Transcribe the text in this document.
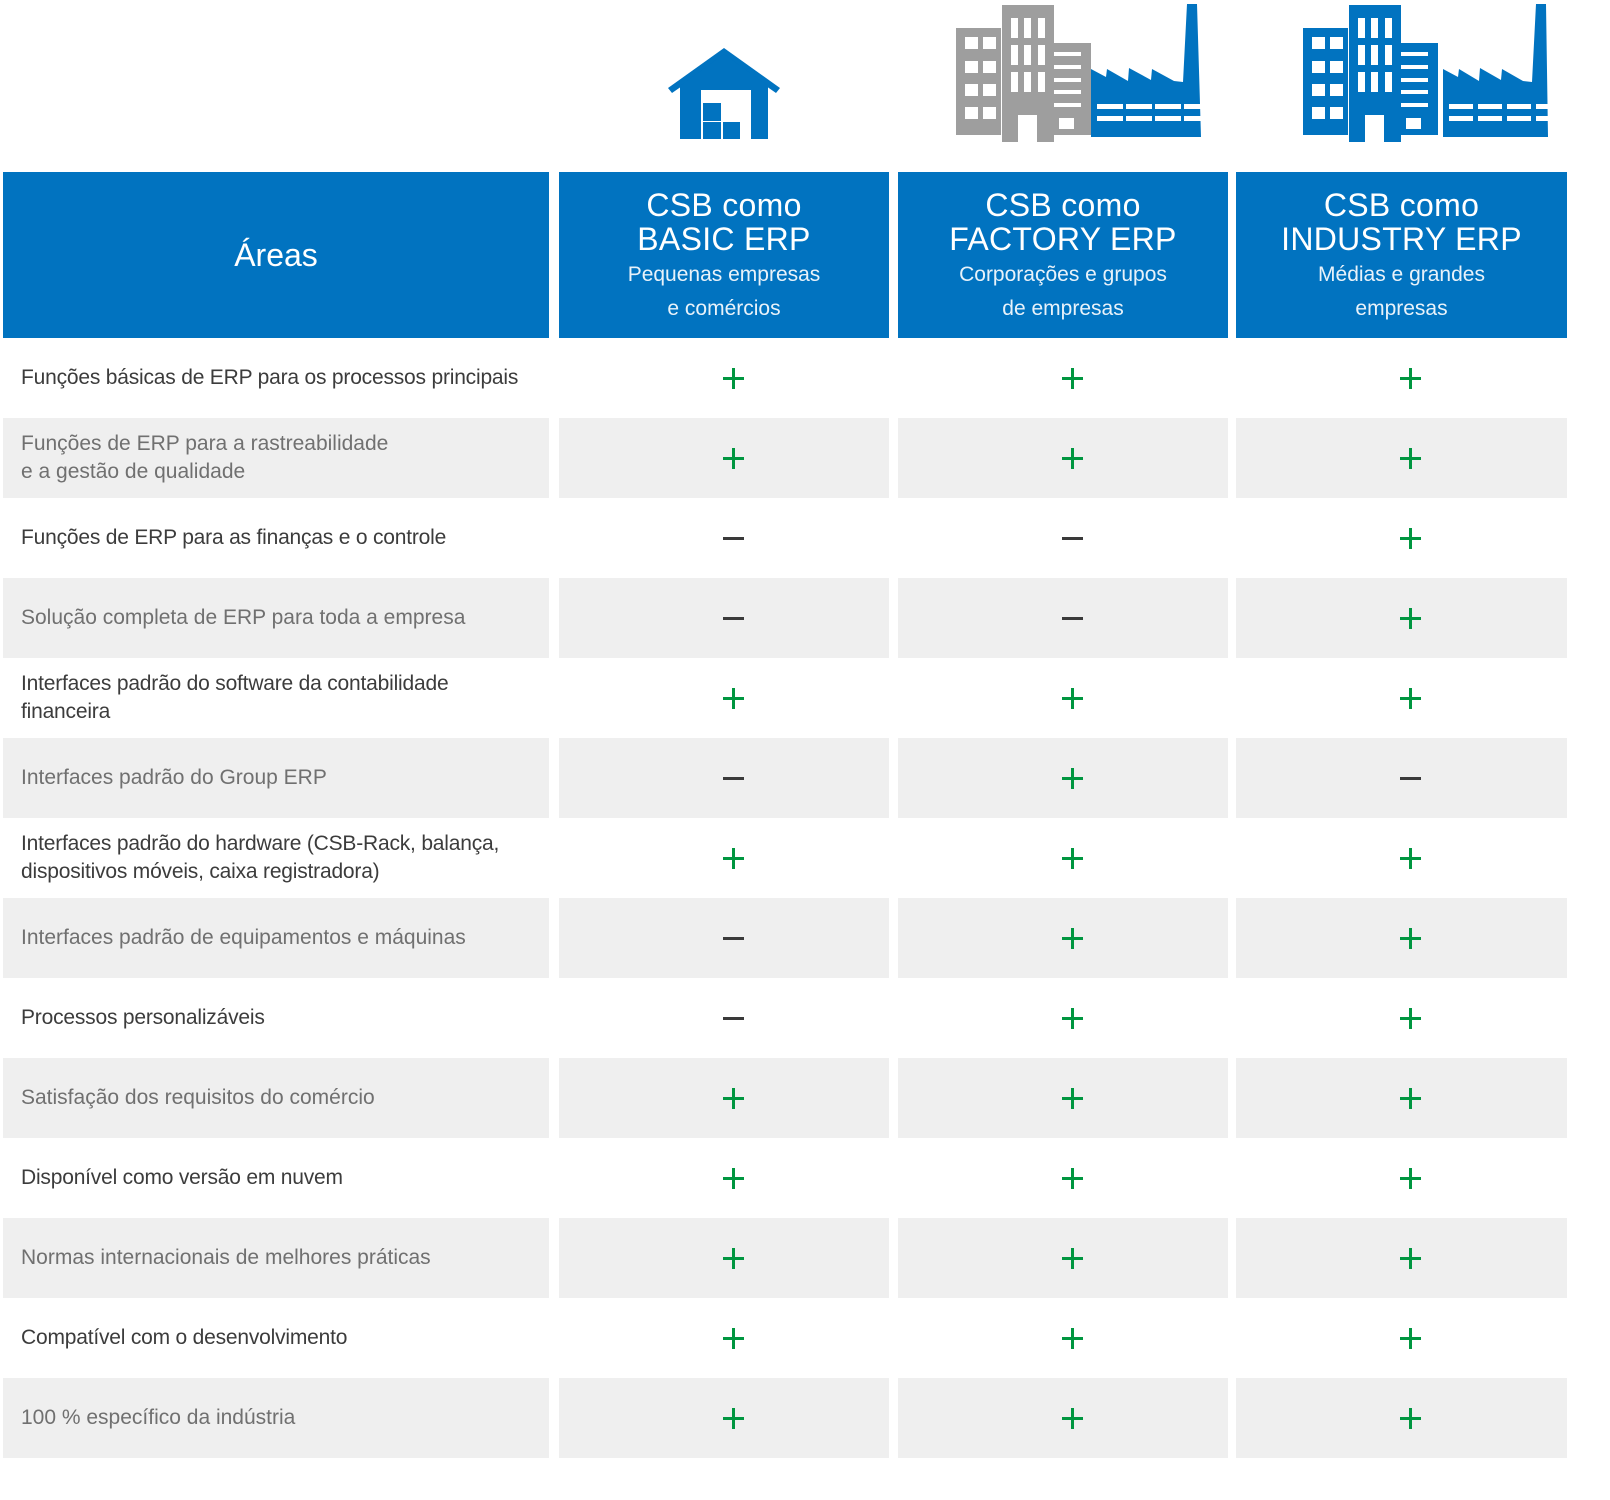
Áreas
CSB como
BASIC ERP
Pequenas empresas
e comércios
CSB como
FACTORY ERP
Corporações e grupos
de empresas
CSB como
INDUSTRY ERP
Médias e grandes
empresas
Funções básicas de ERP para os processos principais
Funções de ERP para a rastreabilidade
e a gestão de qualidade
Funções de ERP para as finanças e o controle
Solução completa de ERP para toda a empresa
Interfaces padrão do software da contabilidade
financeira
Interfaces padrão do Group ERP
Interfaces padrão do hardware (CSB-Rack, balança,
dispositivos móveis, caixa registradora)
Interfaces padrão de equipamentos e máquinas
Processos personalizáveis
Satisfação dos requisitos do comércio
Disponível como versão em nuvem
Normas internacionais de melhores práticas
Compatível com o desenvolvimento
100 % específico da indústria
